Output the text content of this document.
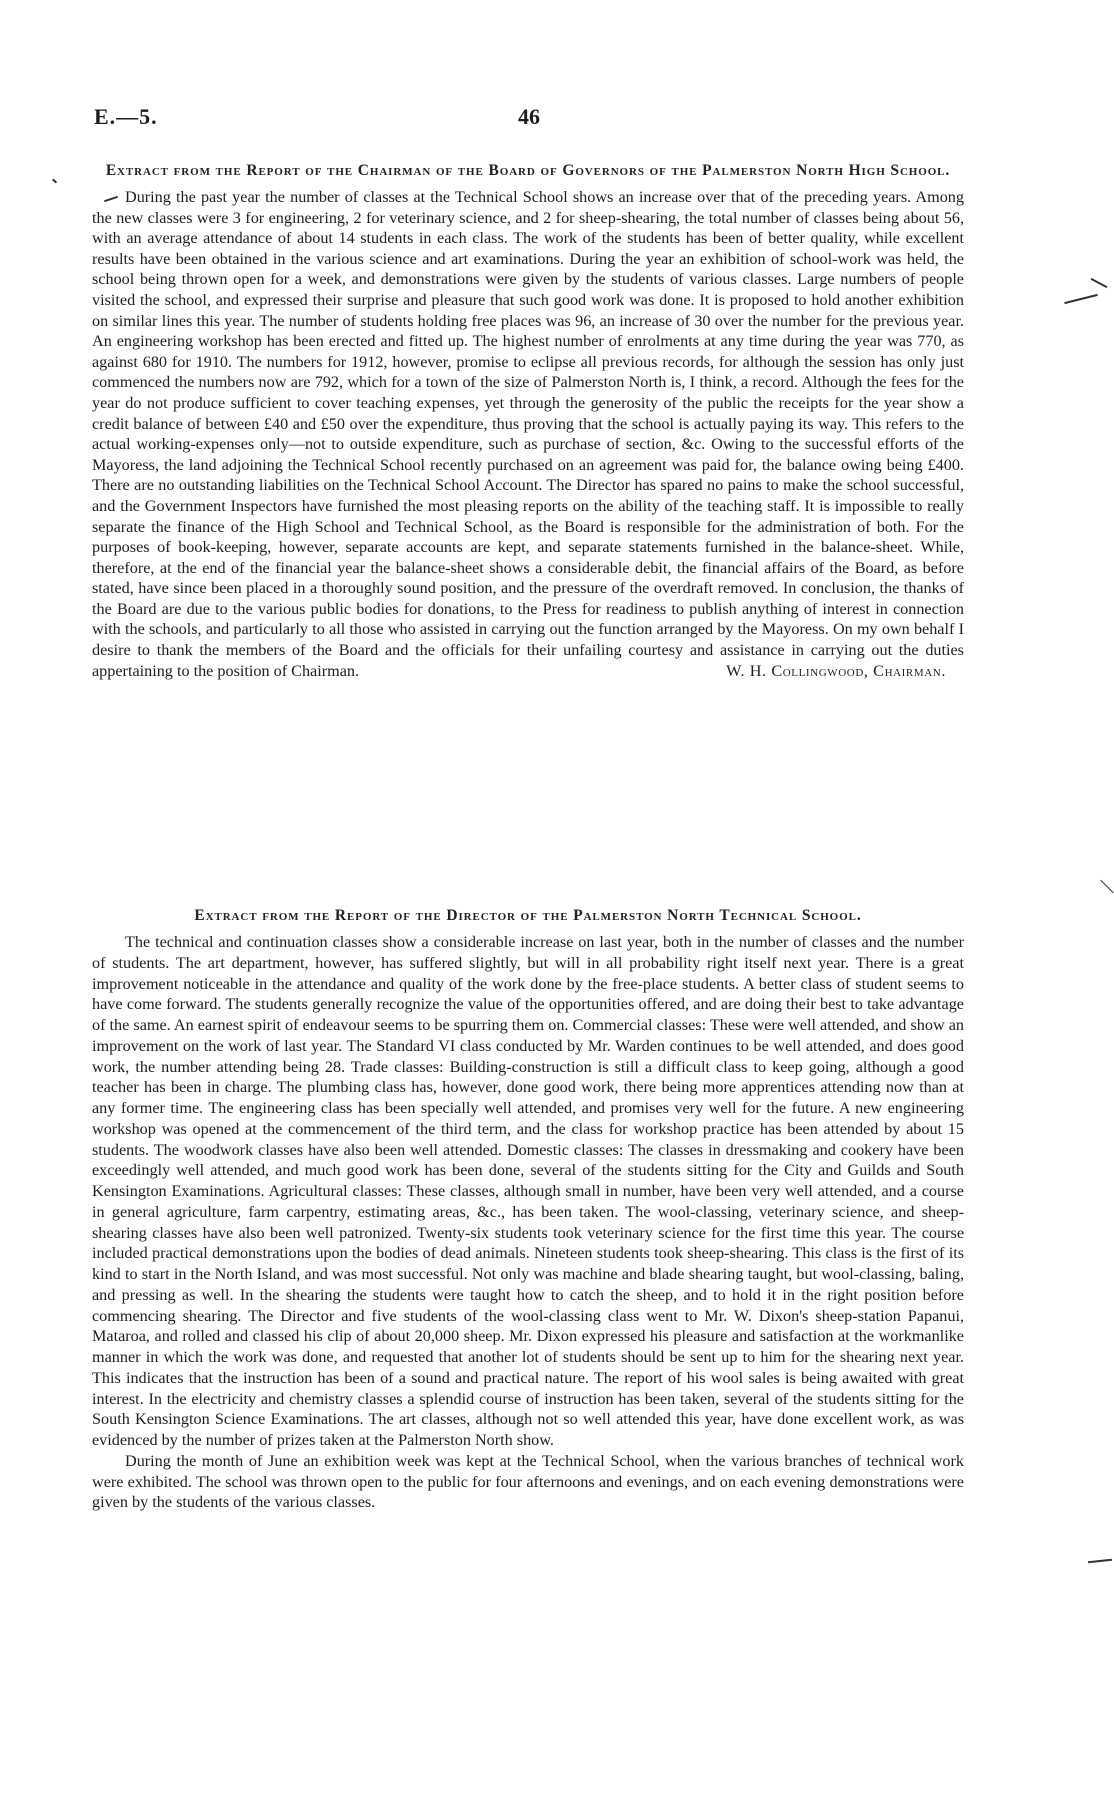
E.—5.	46
Extract from the Report of the Chairman of the Board of Governors of the Palmerston North High School.

During the past year the number of classes at the Technical School shows an increase over that of the preceding years. Among the new classes were 3 for engineering, 2 for veterinary science, and 2 for sheep-shearing, the total number of classes being about 56, with an average attendance of about 14 students in each class. The work of the students has been of better quality, while excellent results have been obtained in the various science and art examinations. During the year an exhibition of school-work was held, the school being thrown open for a week, and demonstrations were given by the students of various classes. Large numbers of people visited the school, and expressed their surprise and pleasure that such good work was done. It is proposed to hold another exhibition on similar lines this year. The number of students holding free places was 96, an increase of 30 over the number for the previous year. An engineering workshop has been erected and fitted up. The highest number of enrolments at any time during the year was 770, as against 680 for 1910. The numbers for 1912, however, promise to eclipse all previous records, for although the session has only just commenced the numbers now are 792, which for a town of the size of Palmerston North is, I think, a record. Although the fees for the year do not produce sufficient to cover teaching expenses, yet through the generosity of the public the receipts for the year show a credit balance of between £40 and £50 over the expenditure, thus proving that the school is actually paying its way. This refers to the actual working-expenses only—not to outside expenditure, such as purchase of section, &c. Owing to the successful efforts of the Mayoress, the land adjoining the Technical School recently purchased on an agreement was paid for, the balance owing being £400. There are no outstanding liabilities on the Technical School Account. The Director has spared no pains to make the school successful, and the Government Inspectors have furnished the most pleasing reports on the ability of the teaching staff. It is impossible to really separate the finance of the High School and Technical School, as the Board is responsible for the administration of both. For the purposes of book-keeping, however, separate accounts are kept, and separate statements furnished in the balance-sheet. While, therefore, at the end of the financial year the balance-sheet shows a considerable debit, the financial affairs of the Board, as before stated, have since been placed in a thoroughly sound position, and the pressure of the overdraft removed. In conclusion, the thanks of the Board are due to the various public bodies for donations, to the Press for readiness to publish anything of interest in connection with the schools, and particularly to all those who assisted in carrying out the function arranged by the Mayoress. On my own behalf I desire to thank the members of the Board and the officials for their unfailing courtesy and assistance in carrying out the duties appertaining to the position of Chairman.	W. H. Collingwood, Chairman.

Extract from the Report of the Director of the Palmerston North Technical School.

The technical and continuation classes show a considerable increase on last year, both in the number of classes and the number of students. The art department, however, has suffered slightly, but will in all probability right itself next year. There is a great improvement noticeable in the attendance and quality of the work done by the free-place students. A better class of student seems to have come forward. The students generally recognize the value of the opportunities offered, and are doing their best to take advantage of the same. An earnest spirit of endeavour seems to be spurring them on. Commercial classes: These were well attended, and show an improvement on the work of last year. The Standard VI class conducted by Mr. Warden continues to be well attended, and does good work, the number attending being 28. Trade classes: Building-construction is still a difficult class to keep going, although a good teacher has been in charge. The plumbing class has, however, done good work, there being more apprentices attending now than at any former time. The engineering class has been specially well attended, and promises very well for the future. A new engineering workshop was opened at the commencement of the third term, and the class for workshop practice has been attended by about 15 students. The woodwork classes have also been well attended. Domestic classes: The classes in dressmaking and cookery have been exceedingly well attended, and much good work has been done, several of the students sitting for the City and Guilds and South Kensington Examinations. Agricultural classes: These classes, although small in number, have been very well attended, and a course in general agriculture, farm carpentry, estimating areas, &c., has been taken. The wool-classing, veterinary science, and sheep-shearing classes have also been well patronized. Twenty-six students took veterinary science for the first time this year. The course included practical demonstrations upon the bodies of dead animals. Nineteen students took sheep-shearing. This class is the first of its kind to start in the North Island, and was most successful. Not only was machine and blade shearing taught, but wool-classing, baling, and pressing as well. In the shearing the students were taught how to catch the sheep, and to hold it in the right position before commencing shearing. The Director and five students of the wool-classing class went to Mr. W. Dixon's sheep-station Papanui, Mataroa, and rolled and classed his clip of about 20,000 sheep. Mr. Dixon expressed his pleasure and satisfaction at the workmanlike manner in which the work was done, and requested that another lot of students should be sent up to him for the shearing next year. This indicates that the instruction has been of a sound and practical nature. The report of his wool sales is being awaited with great interest. In the electricity and chemistry classes a splendid course of instruction has been taken, several of the students sitting for the South Kensington Science Examinations. The art classes, although not so well attended this year, have done excellent work, as was evidenced by the number of prizes taken at the Palmerston North show.

During the month of June an exhibition week was kept at the Technical School, when the various branches of technical work were exhibited. The school was thrown open to the public for four afternoons and evenings, and on each evening demonstrations were given by the students of the various classes.
